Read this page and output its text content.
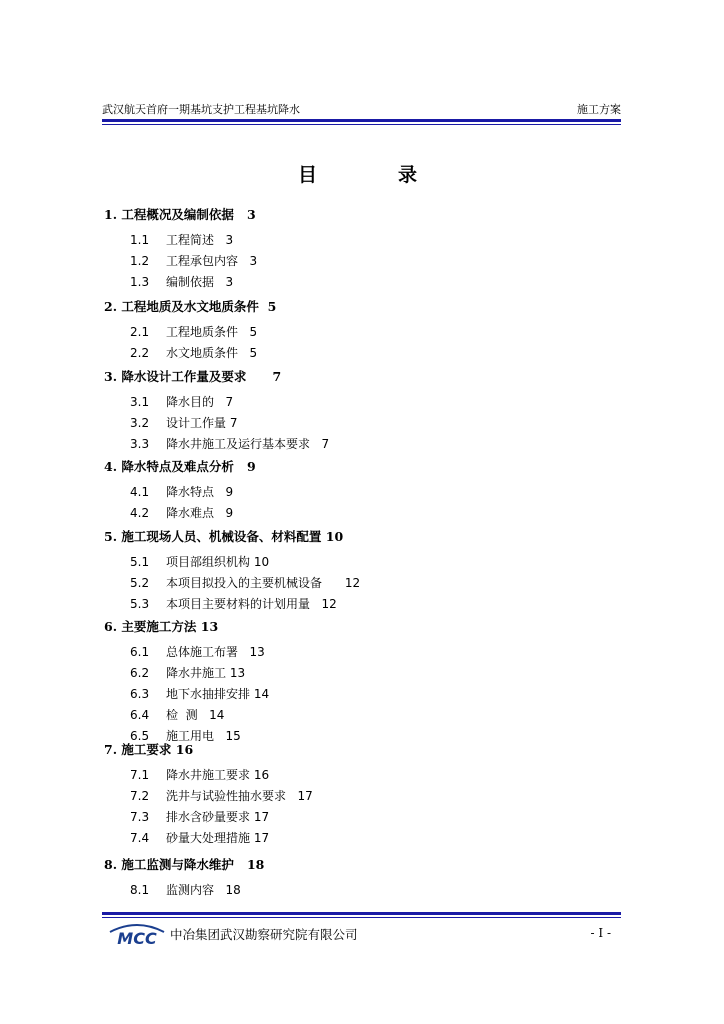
武汉航天首府一期基坑支护工程基坑降水	施工方案
目	录
1. 工程概况及编制依据   3
1.1 工程简述   3
1.2 工程承包内容   3
1.3 编制依据   3
2. 工程地质及水文地质条件  5
2.1 工程地质条件   5
2.2 水文地质条件   5
3. 降水设计工作量及要求      7
3.1 降水目的   7
3.2 设计工作量 7
3.3 降水井施工及运行基本要求   7
4. 降水特点及难点分析   9
4.1 降水特点   9
4.2 降水难点   9
5. 施工现场人员、机械设备、材料配置 10
5.1 项目部组织机构 10
5.2 本项目拟投入的主要机械设备      12
5.3 本项目主要材料的计划用量   12
6. 主要施工方法 13
6.1 总体施工布署   13
6.2 降水井施工 13
6.3 地下水抽排安排 14
6.4 检  测   14
6.5 施工用电   15
7. 施工要求 16
7.1 降水井施工要求 16
7.2 洗井与试验性抽水要求   17
7.3 排水含砂量要求 17
7.4 砂量大处理措施 17
8. 施工监测与降水维护   18
8.1 监测内容   18
MCC 中冶集团武汉勘察研究院有限公司	- I -
